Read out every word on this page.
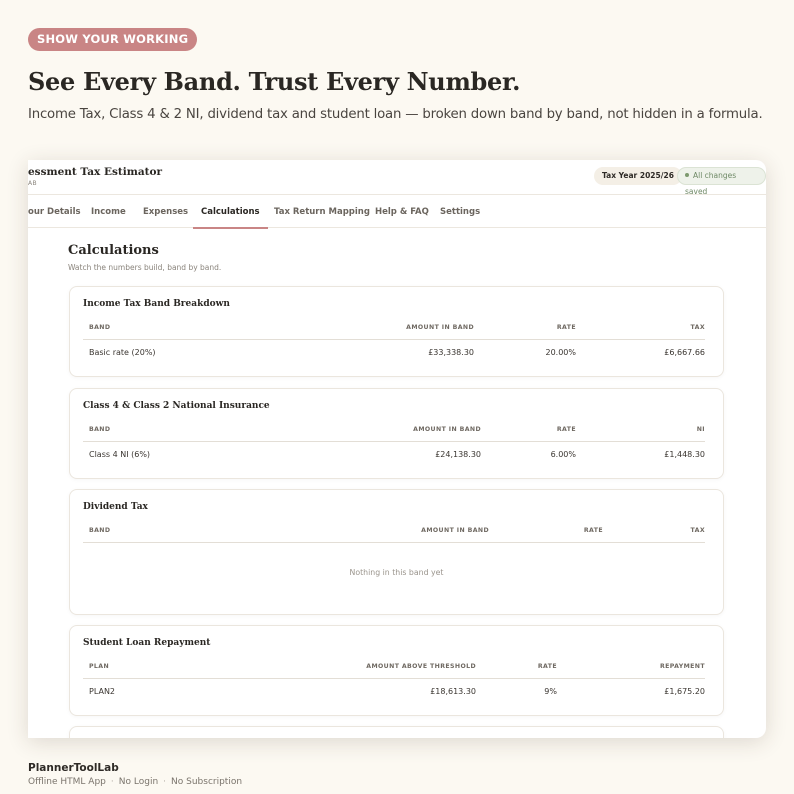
SHOW YOUR WORKING
See Every Band. Trust Every Number.

Income Tax, Class 4 & 2 NI, dividend tax and student loan — broken down band by band, not hidden in a formula.

essment Tax Estimator
AB
Tax Year 2025/26	All changes saved
our Details Income Expenses Calculations Tax Return Mapping Help & FAQ Settings
Calculations
Watch the numbers build, band by band.
Income Tax Band Breakdown
BAND	AMOUNT IN BAND	RATE	TAX
Basic rate (20%)	£33,338.30	20.00%	£6,667.66
Class 4 & Class 2 National Insurance
BAND	AMOUNT IN BAND	RATE	NI
Class 4 NI (6%)	£24,138.30	6.00%	£1,448.30
Dividend Tax
BAND	AMOUNT IN BAND	RATE	TAX
Nothing in this band yet
Student Loan Repayment
PLAN	AMOUNT ABOVE THRESHOLD	RATE	REPAYMENT
PLAN2	£18,613.30	9%	£1,675.20
PlannerToolLab
Offline HTML App · No Login · No Subscription
